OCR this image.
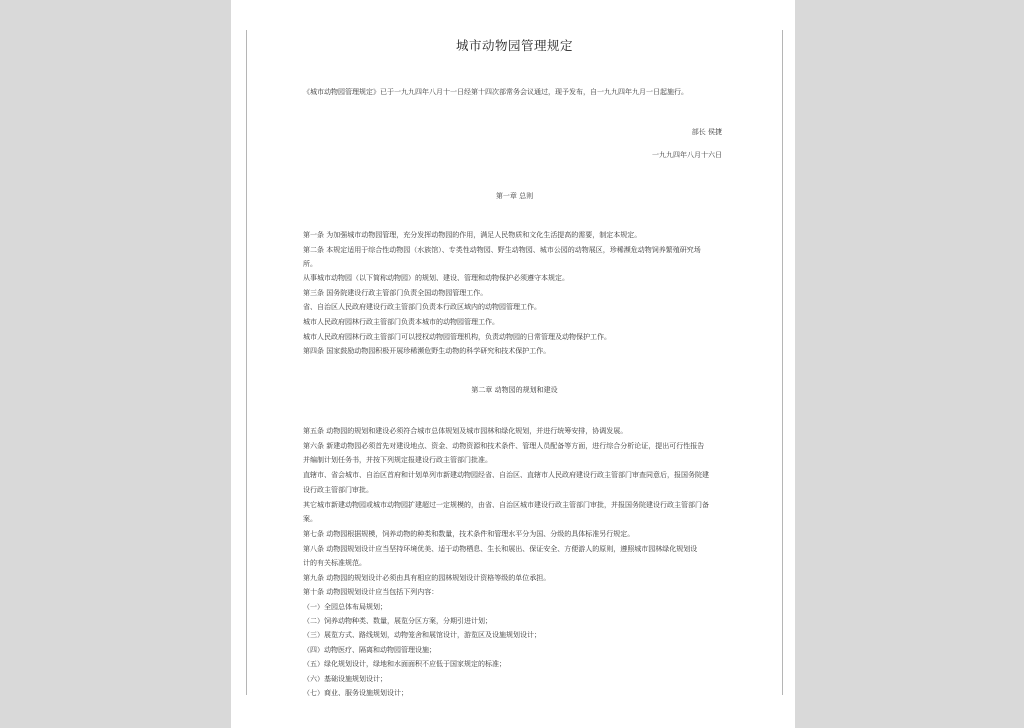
城市动物园管理规定
《城市动物园管理规定》已于一九九四年八月十一日经第十四次部常务会议通过，现予发布，自一九九四年九月一日起施行。
部长 侯捷
一九九四年八月十六日
第一章 总则
第一条 为加强城市动物园管理，充分发挥动物园的作用，满足人民物质和文化生活提高的需要，制定本规定。
第二条 本规定适用于综合性动物园（水族馆）、专类性动物园、野生动物园、城市公园的动物展区，珍稀濒危动物饲养繁殖研究场
所。
从事城市动物园（以下简称动物园）的规划、建设、管理和动物保护必须遵守本规定。
第三条 国务院建设行政主管部门负责全国动物园管理工作。
省、自治区人民政府建设行政主管部门负责本行政区域内的动物园管理工作。
城市人民政府园林行政主管部门负责本城市的动物园管理工作。
城市人民政府园林行政主管部门可以授权动物园管理机构，负责动物园的日常管理及动物保护工作。
第四条 国家鼓励动物园积极开展珍稀濒危野生动物的科学研究和技术保护工作。
第二章 动物园的规划和建设
第五条 动物园的规划和建设必须符合城市总体规划及城市园林和绿化规划，并进行统筹安排，协调发展。
第六条 新建动物园必须首先对建设地点、资金、动物资源和技术条件、管理人员配备等方面，进行综合分析论证，提出可行性报告
并编制计划任务书，并按下列规定报建设行政主管部门批准。
直辖市、省会城市、自治区首府和计划单列市新建动物园经省、自治区、直辖市人民政府建设行政主管部门审查同意后，报国务院建
设行政主管部门审批。
其它城市新建动物园或城市动物园扩建超过一定规模的，由省、自治区城市建设行政主管部门审批，并报国务院建设行政主管部门备
案。
第七条 动物园根据规模，饲养动物的种类和数量，技术条件和管理水平分为国、分级的具体标准另行规定。
第八条 动物园规划设计应当坚持环境优美、适于动物栖息、生长和展出、保证安全、方便游人的原则，遵照城市园林绿化规划设
计的有关标准规范。
第九条 动物园的规划设计必须由具有相应的园林规划设计资格等级的单位承担。
第十条 动物园规划设计应当包括下列内容：
（一）全园总体布局规划；
（二）饲养动物种类、数量，展览分区方案，分期引进计划；
（三）展览方式、路线规划，动物笼舍和展馆设计，游览区及设施规划设计；
（四）动物医疗、隔离和动物园管理设施；
（五）绿化规划设计，绿地和水面面积不应低于国家规定的标准；
（六）基础设施规划设计；
（七）商业、服务设施规划设计；
